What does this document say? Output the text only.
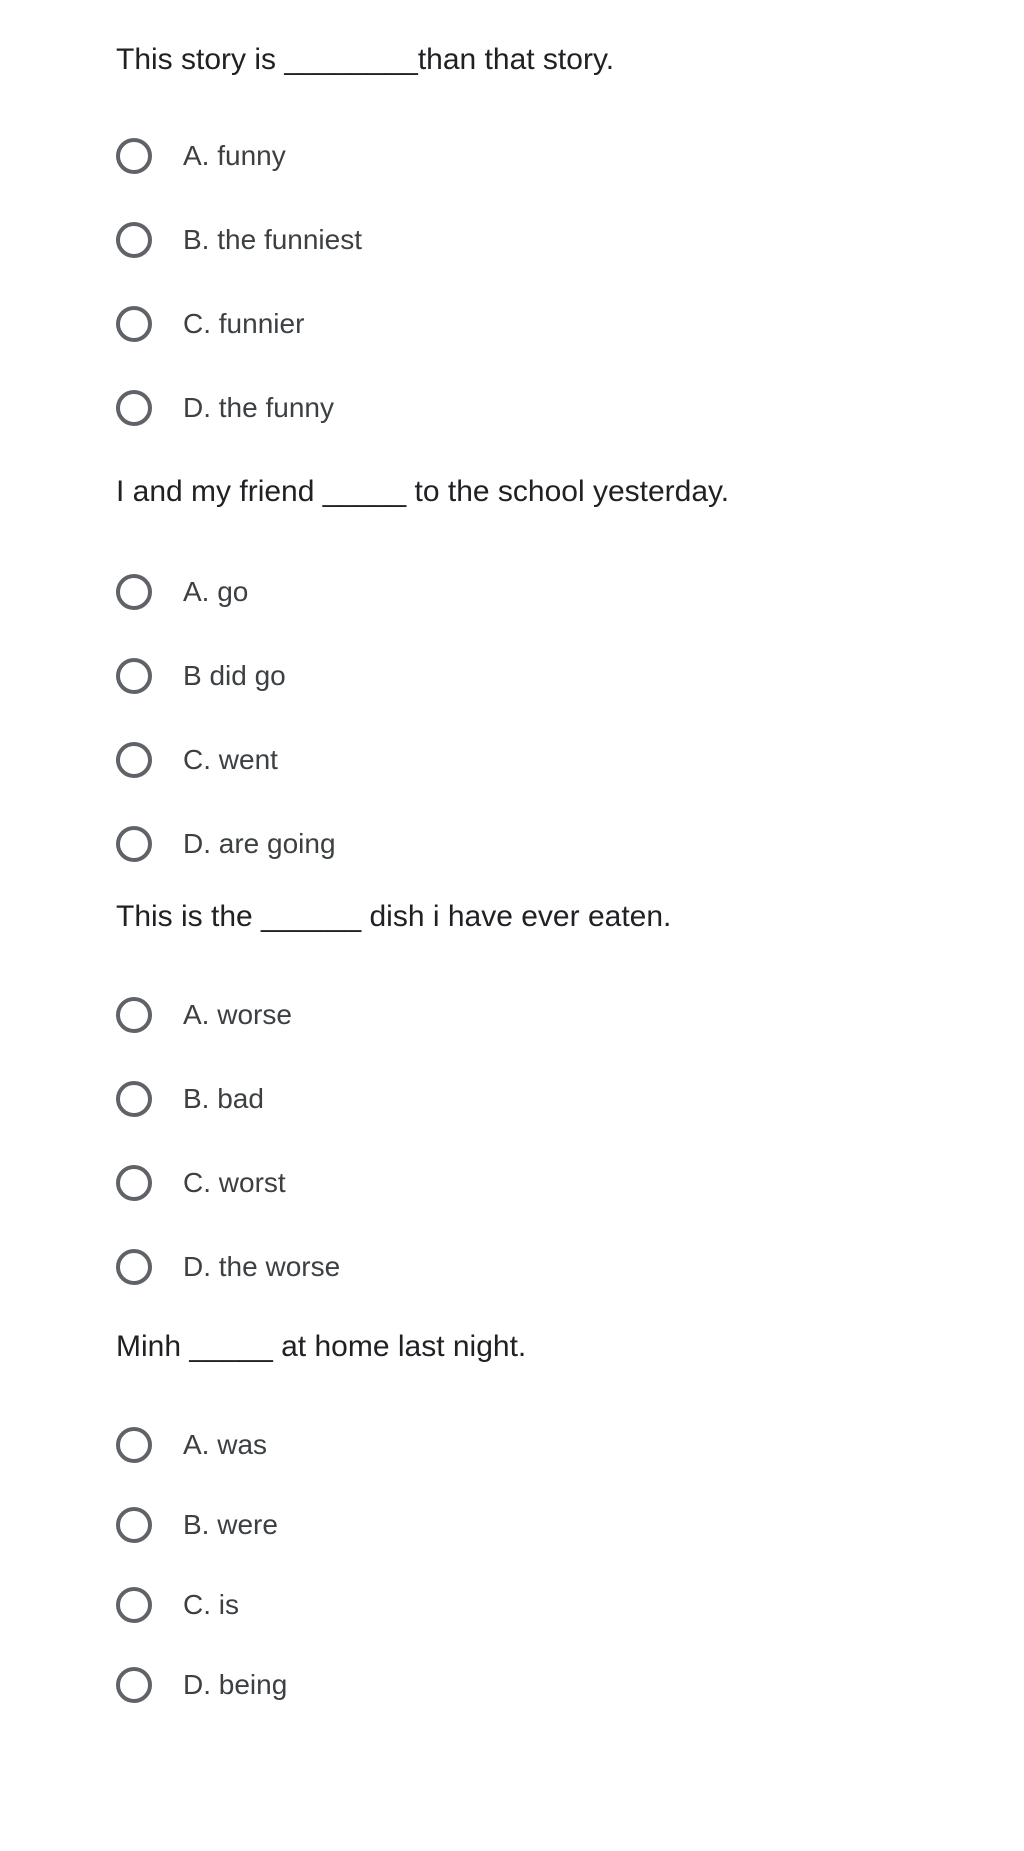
This story is ________than that story.

A. funny
B. the funniest
C. funnier
D. the funny

I and my friend _____ to the school yesterday.

A. go
B did go
C. went
D. are going

This is the ______ dish i have ever eaten.

A. worse
B. bad
C. worst
D. the worse

Minh _____ at home last night.

A. was
B. were
C. is
D. being
